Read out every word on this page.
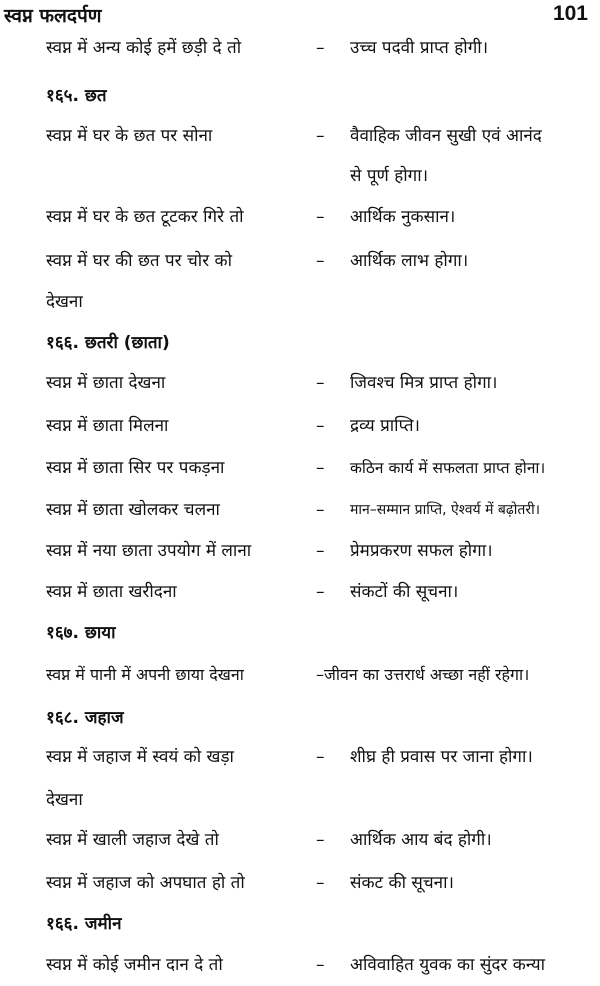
स्वप्न फलदर्पण	101
स्वप्न में अन्य कोई हमें छड़ी दे तो	– उच्च पदवी प्राप्त होगी।
१६५. छत
स्वप्न में घर के छत पर सोना	– वैवाहिक जीवन सुखी एवं आनंद
से पूर्ण होगा।
स्वप्न में घर के छत टूटकर गिरे तो	– आर्थिक नुकसान।
स्वप्न में घर की छत पर चोर को	– आर्थिक लाभ होगा।
देखना
१६६. छतरी (छाता)
स्वप्न में छाता देखना	– जिवश्च मित्र प्राप्त होगा।
स्वप्न में छाता मिलना	– द्रव्य प्राप्ति।
स्वप्न में छाता सिर पर पकड़ना	– कठिन कार्य में सफलता प्राप्त होना।
स्वप्न में छाता खोलकर चलना	– मान–सम्मान प्राप्ति, ऐश्वर्य में बढ़ोतरी।
स्वप्न में नया छाता उपयोग में लाना	– प्रेमप्रकरण सफल होगा।
स्वप्न में छाता खरीदना	– संकटों की सूचना।
१६७. छाया
स्वप्न में पानी में अपनी छाया देखना	–जीवन का उत्तरार्ध अच्छा नहीं रहेगा।
१६८. जहाज
स्वप्न में जहाज में स्वयं को खड़ा	– शीघ्र ही प्रवास पर जाना होगा।
देखना
स्वप्न में खाली जहाज देखे तो	– आर्थिक आय बंद होगी।
स्वप्न में जहाज को अपघात हो तो	– संकट की सूचना।
१६६. जमीन
स्वप्न में कोई जमीन दान दे तो	– अविवाहित युवक का सुंदर कन्या
